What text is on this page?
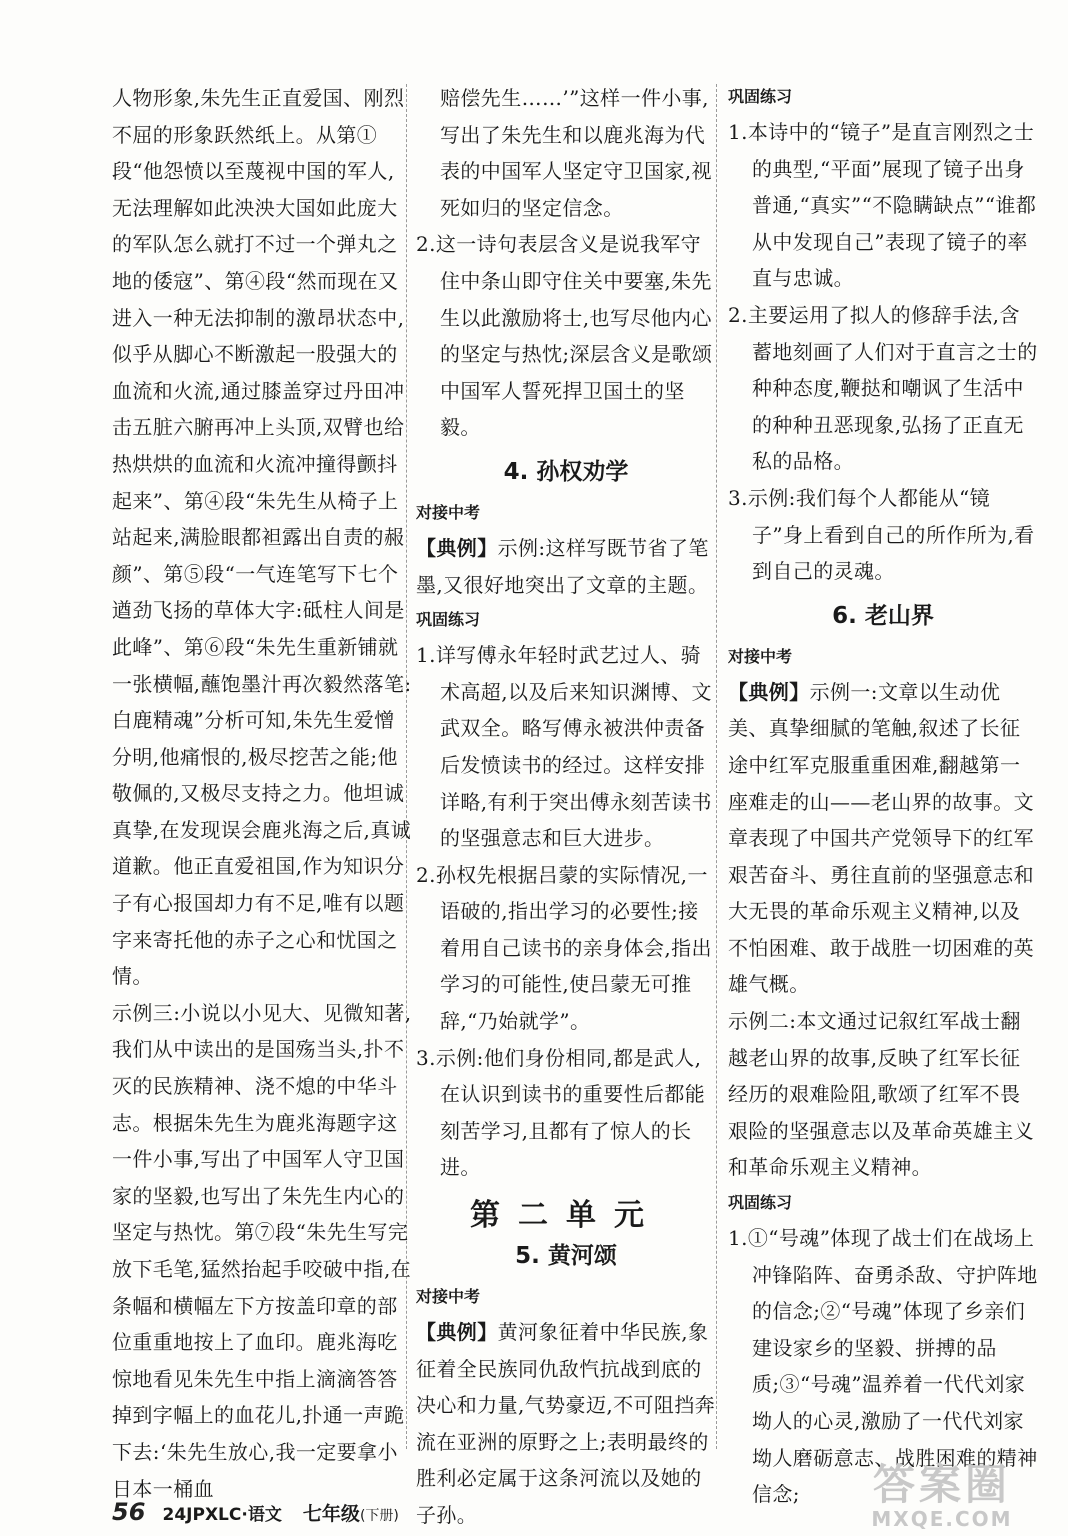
人物形象,朱先生正直爱国、刚烈不屈的形象跃然纸上。从第①段“他怨愤以至蔑视中国的军人,无法理解如此泱泱大国如此庞大的军队怎么就打不过一个弹丸之地的倭寇”、第④段“然而现在又进入一种无法抑制的激昂状态中,似乎从脚心不断激起一股强大的血流和火流,通过膝盖穿过丹田冲击五脏六腑再冲上头顶,双臂也给热烘烘的血流和火流冲撞得颤抖起来”、第④段“朱先生从椅子上站起来,满脸眼都袒露出自责的赧颜”、第⑤段“一气连笔写下七个遒劲飞扬的草体大字:砥柱人间是此峰”、第⑥段“朱先生重新铺就一张横幅,蘸饱墨汁再次毅然落笔:白鹿精魂”分析可知,朱先生爱憎分明,他痛恨的,极尽挖苦之能;他敬佩的,又极尽支持之力。他坦诚真挚,在发现误会鹿兆海之后,真诚道歉。他正直爱祖国,作为知识分子有心报国却力有不足,唯有以题字来寄托他的赤子之心和忧国之情。

示例三:小说以小见大、见微知著,我们从中读出的是国殇当头,扑不灭的民族精神、浇不熄的中华斗志。根据朱先生为鹿兆海题字这一件小事,写出了中国军人守卫国家的坚毅,也写出了朱先生内心的坚定与热忱。第⑦段“朱先生写完放下毛笔,猛然抬起手咬破中指,在条幅和横幅左下方按盖印章的部位重重地按上了血印。鹿兆海吃惊地看见朱先生中指上滴滴答答掉到字幅上的血花儿,扑通一声跪下去:‘朱先生放心,我一定要拿小日本一桶血

赔偿先生……’”这样一件小事,写出了朱先生和以鹿兆海为代表的中国军人坚定守卫国家,视死如归的坚定信念。

2.这一诗句表层含义是说我军守住中条山即守住关中要塞,朱先生以此激励将士,也写尽他内心的坚定与热忱;深层含义是歌颂中国军人誓死捍卫国土的坚毅。

4. 孙权劝学
对接中考

【典例】示例:这样写既节省了笔墨,又很好地突出了文章的主题。

巩固练习

1.详写傅永年轻时武艺过人、骑术高超,以及后来知识渊博、文武双全。略写傅永被洪仲责备后发愤读书的经过。这样安排详略,有利于突出傅永刻苦读书的坚强意志和巨大进步。

2.孙权先根据吕蒙的实际情况,一语破的,指出学习的必要性;接着用自己读书的亲身体会,指出学习的可能性,使吕蒙无可推辞,“乃始就学”。

3.示例:他们身份相同,都是武人,在认识到读书的重要性后都能刻苦学习,且都有了惊人的长进。

第二单元
5. 黄河颂
对接中考

【典例】黄河象征着中华民族,象征着全民族同仇敌忾抗战到底的决心和力量,气势豪迈,不可阻挡奔流在亚洲的原野之上;表明最终的胜利必定属于这条河流以及她的子孙。

巩固练习

1.本诗中的“镜子”是直言刚烈之士的典型,“平面”展现了镜子出身普通,“真实”“不隐瞒缺点”“谁都从中发现自己”表现了镜子的率直与忠诚。

2.主要运用了拟人的修辞手法,含蓄地刻画了人们对于直言之士的种种态度,鞭挞和嘲讽了生活中的种种丑恶现象,弘扬了正直无私的品格。

3.示例:我们每个人都能从“镜子”身上看到自己的所作所为,看到自己的灵魂。

6. 老山界
对接中考

【典例】示例一:文章以生动优美、真挚细腻的笔触,叙述了长征途中红军克服重重困难,翻越第一座难走的山——老山界的故事。文章表现了中国共产党领导下的红军艰苦奋斗、勇往直前的坚强意志和大无畏的革命乐观主义精神,以及不怕困难、敢于战胜一切困难的英雄气概。

示例二:本文通过记叙红军战士翻越老山界的故事,反映了红军长征经历的艰难险阻,歌颂了红军不畏艰险的坚强意志以及革命英雄主义和革命乐观主义精神。

巩固练习

1.①“号魂”体现了战士们在战场上冲锋陷阵、奋勇杀敌、守护阵地的信念;②“号魂”体现了乡亲们建设家乡的坚毅、拼搏的品质;③“号魂”温养着一代代刘家坳人的心灵,激励了一代代刘家坳人磨砺意志、战胜困难的精神信念;

56 24JPXLC·语文 七年级(下册)
答案圈
MXQE.COM
